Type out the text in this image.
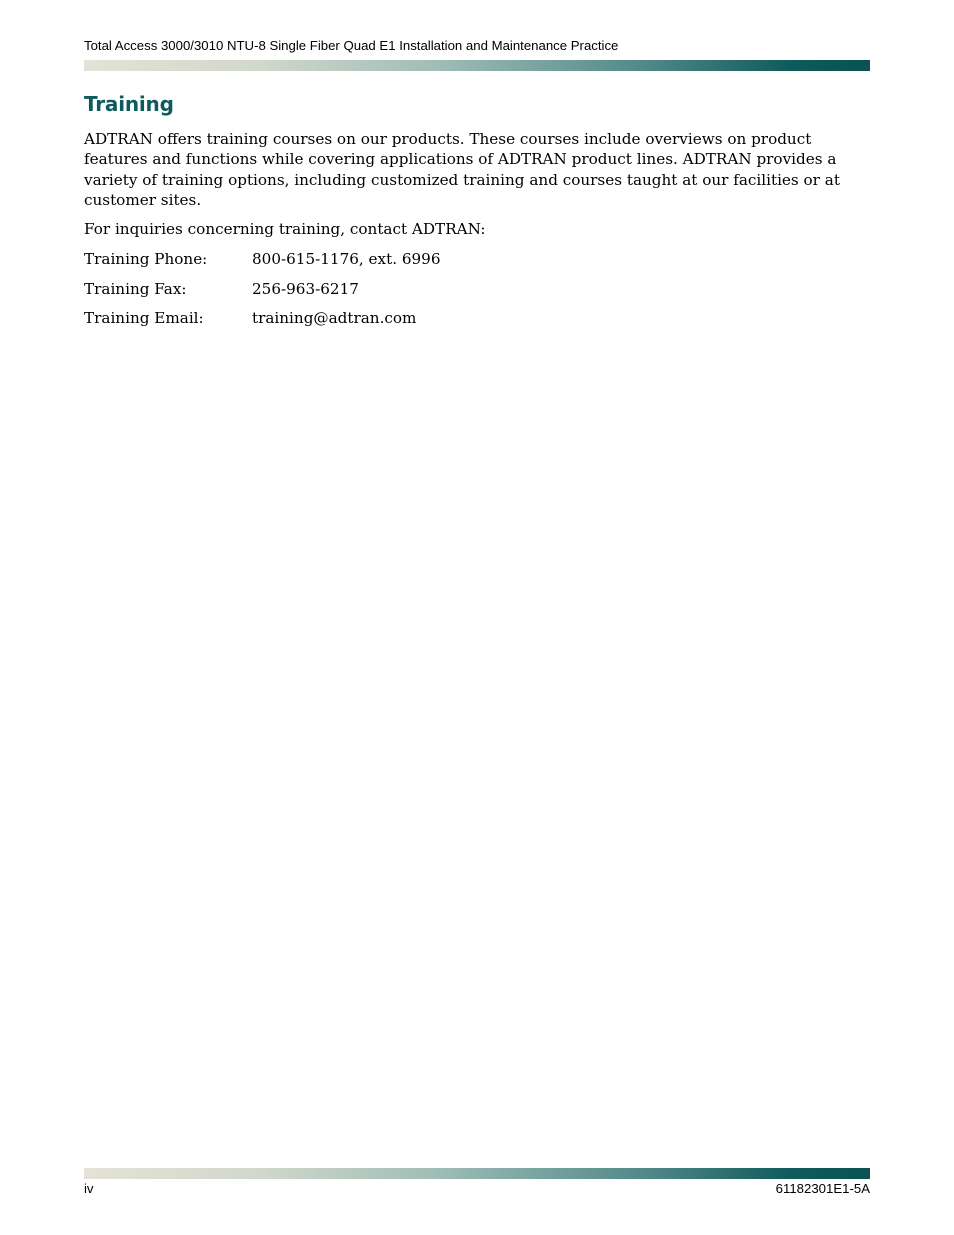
Total Access 3000/3010 NTU-8 Single Fiber Quad E1 Installation and Maintenance Practice
Training

ADTRAN offers training courses on our products. These courses include overviews on product features and functions while covering applications of ADTRAN product lines. ADTRAN provides a variety of training options, including customized training and courses taught at our facilities or at customer sites.

For inquiries concerning training, contact ADTRAN:

Training Phone:	800-615-1176, ext. 6996
Training Fax:	256-963-6217
Training Email:	training@adtran.com
iv	61182301E1-5A
